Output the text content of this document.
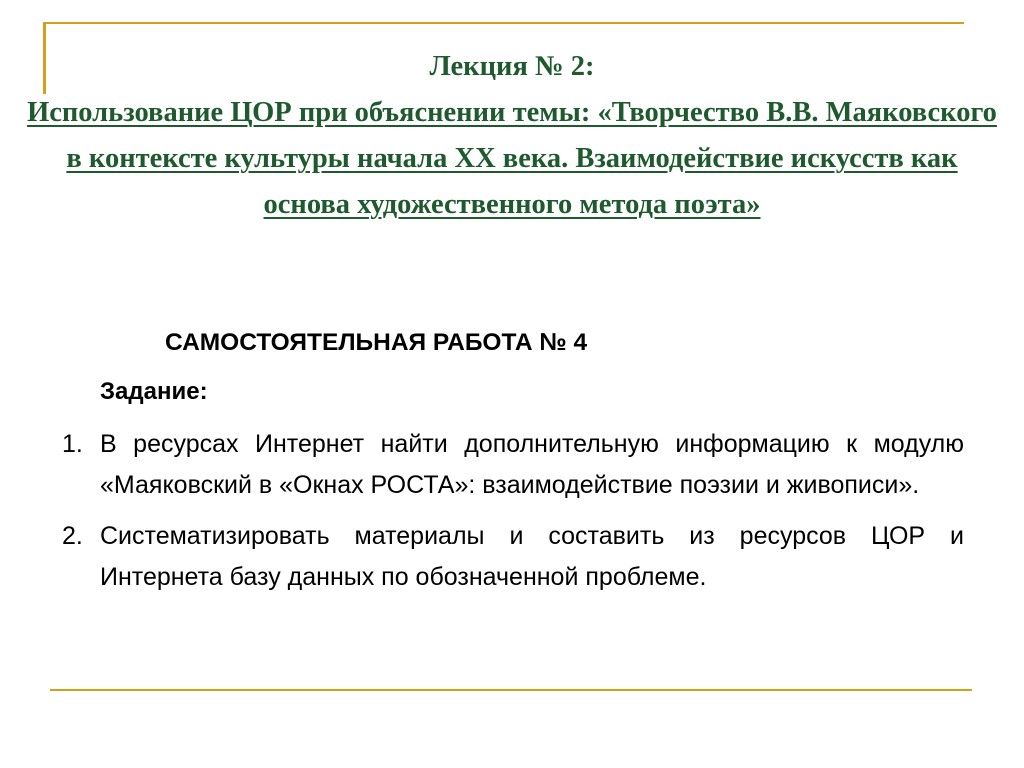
Лекция № 2:
Использование ЦОР при объяснении темы: «Творчество В.В. Маяковского в контексте культуры начала ХХ века. Взаимодействие искусств как основа художественного метода поэта»
САМОСТОЯТЕЛЬНАЯ РАБОТА № 4
Задание:
1. В ресурсах Интернет найти дополнительную информацию к модулю «Маяковский в «Окнах РОСТА»: взаимодействие поэзии и живописи».
2. Систематизировать материалы и составить из ресурсов ЦОР и Интернета базу данных по обозначенной проблеме.
